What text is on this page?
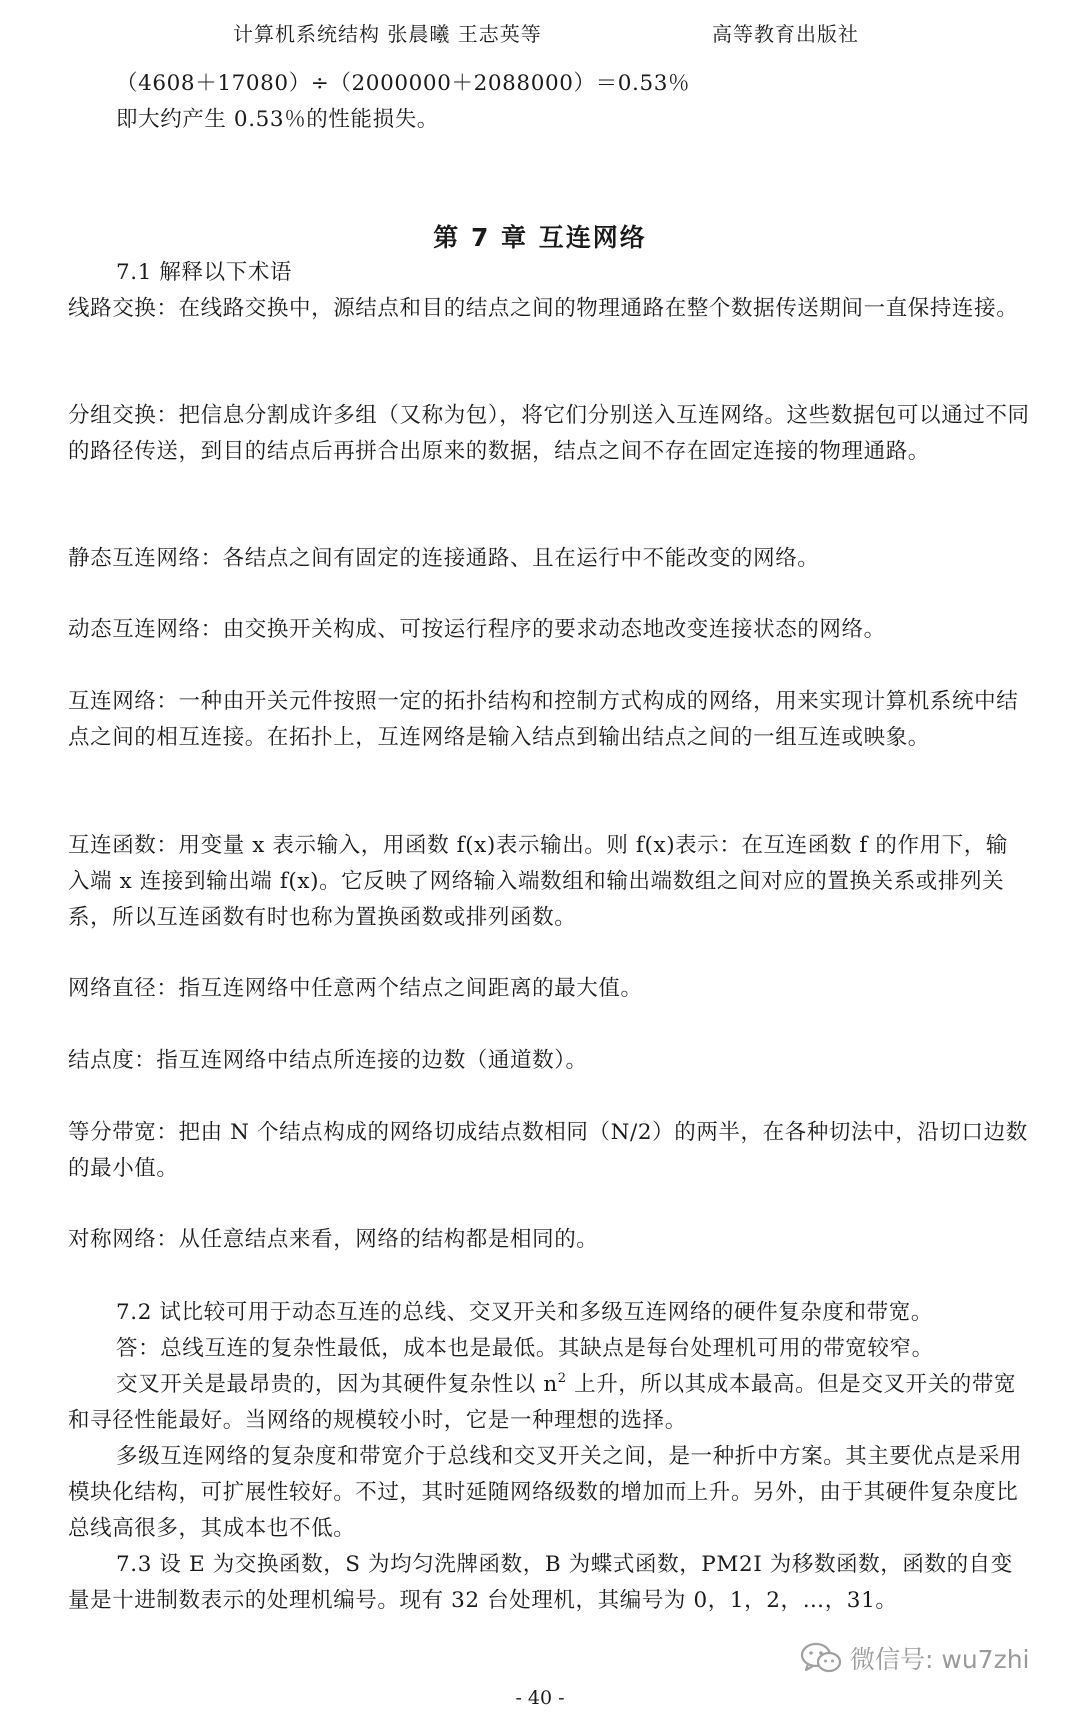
计算机系统结构 张晨曦 王志英等	高等教育出版社
（4608＋17080）÷（2000000＋2088000）＝0.53％
即大约产生 0.53％的性能损失。
第 7 章 互连网络
7.1 解释以下术语
线路交换：在线路交换中，源结点和目的结点之间的物理通路在整个数据传送期间一直保持连接。
分组交换：把信息分割成许多组（又称为包），将它们分别送入互连网络。这些数据包可以通过不同的路径传送，到目的结点后再拼合出原来的数据，结点之间不存在固定连接的物理通路。
静态互连网络：各结点之间有固定的连接通路、且在运行中不能改变的网络。
动态互连网络：由交换开关构成、可按运行程序的要求动态地改变连接状态的网络。
互连网络：一种由开关元件按照一定的拓扑结构和控制方式构成的网络，用来实现计算机系统中结点之间的相互连接。在拓扑上，互连网络是输入结点到输出结点之间的一组互连或映象。
互连函数：用变量 x 表示输入，用函数 f(x)表示输出。则 f(x)表示：在互连函数 f 的作用下，输入端 x 连接到输出端 f(x)。它反映了网络输入端数组和输出端数组之间对应的置换关系或排列关系，所以互连函数有时也称为置换函数或排列函数。
网络直径：指互连网络中任意两个结点之间距离的最大值。
结点度：指互连网络中结点所连接的边数（通道数）。
等分带宽：把由 N 个结点构成的网络切成结点数相同（N/2）的两半，在各种切法中，沿切口边数的最小值。
对称网络：从任意结点来看，网络的结构都是相同的。
7.2 试比较可用于动态互连的总线、交叉开关和多级互连网络的硬件复杂度和带宽。
答：总线互连的复杂性最低，成本也是最低。其缺点是每台处理机可用的带宽较窄。
交叉开关是最昂贵的，因为其硬件复杂性以 $n^2$ 上升，所以其成本最高。但是交叉开关的带宽和寻径性能最好。当网络的规模较小时，它是一种理想的选择。
多级互连网络的复杂度和带宽介于总线和交叉开关之间，是一种折中方案。其主要优点是采用模块化结构，可扩展性较好。不过，其时延随网络级数的增加而上升。另外，由于其硬件复杂度比总线高很多，其成本也不低。
7.3 设 E 为交换函数，S 为均匀洗牌函数，B 为蝶式函数，PM2I 为移数函数，函数的自变量是十进制数表示的处理机编号。现有 32 台处理机，其编号为 0，1，2，…，31。
微信号: wu7zhi
- 40 -
